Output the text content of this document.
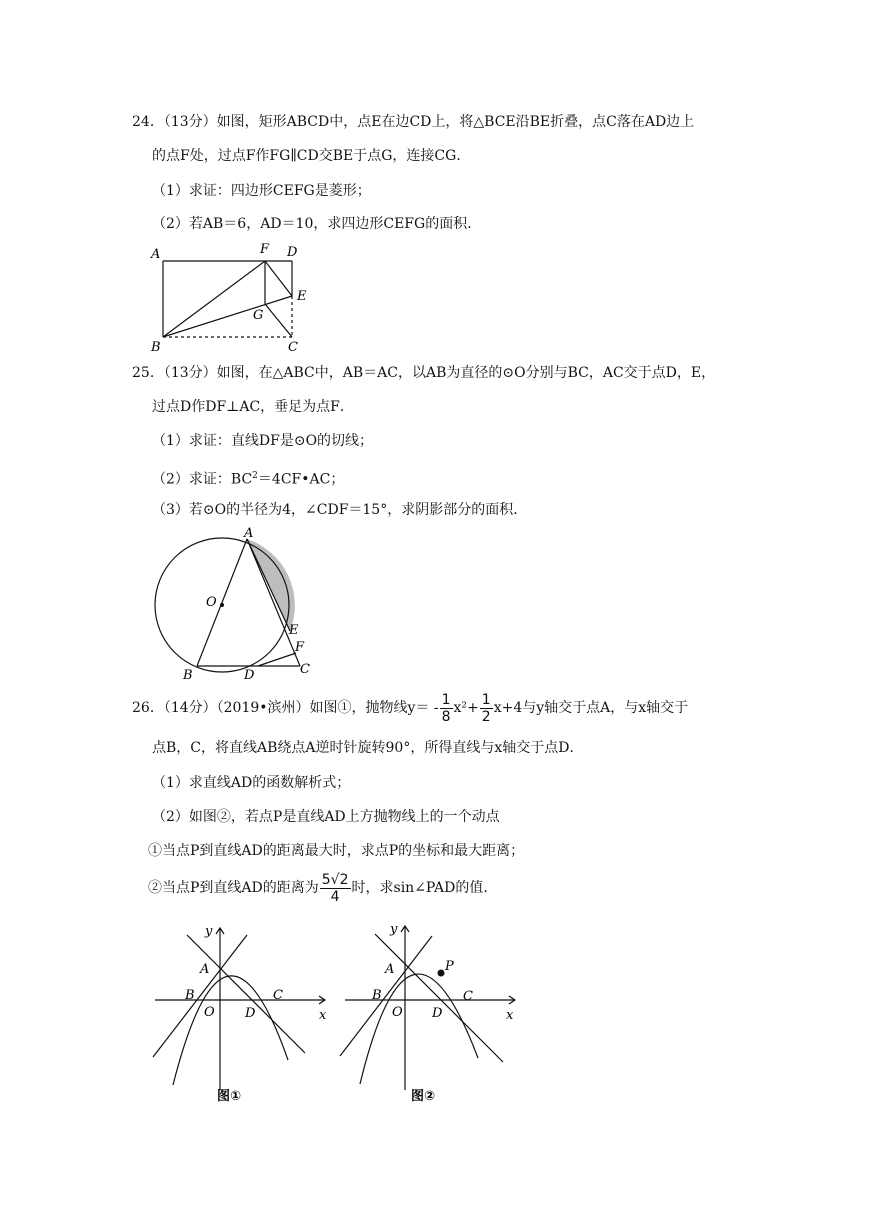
24．（13分）如图，矩形ABCD中，点E在边CD上，将△BCE沿BE折叠，点C落在AD边上
的点F处，过点F作FG∥CD交BE于点G，连接CG．
（1）求证：四边形CEFG是菱形；
（2）若AB＝6，AD＝10，求四边形CEFG的面积．
A	F D
E
G
B	C
25．（13分）如图，在△ABC中，AB＝AC，以AB为直径的⊙O分别与BC，AC交于点D，E，
过点D作DF⊥AC，垂足为点F．
（1）求证：直线DF是⊙O的切线；
（2）求证：$BC^2=4CF•AC$；
（3）若⊙O的半径为4，∠CDF＝15°，求阴影部分的面积．
A
O
E
F
C
D
B
26．（14分）（2019•滨州）如图①，抛物线$y= - \frac{1}{8} x^2+ \frac{1}{2} x+4$与y轴交于点A，与x轴交于
点B，C，将直线AB绕点A逆时针旋转90°，所得直线与x轴交于点D．
（1）求直线AD的函数解析式；
（2）如图②，若点P是直线AD上方抛物线上的一个动点
①当点P到直线AD的距离最大时，求点P的坐标和最大距离；
②当点P到直线AD的距离为 $\frac{5√2}{4}$ 时，求sin∠PAD的值．
y
x
A
B
O D
C
图①
y
x
A	P
B
O D
C
图②
